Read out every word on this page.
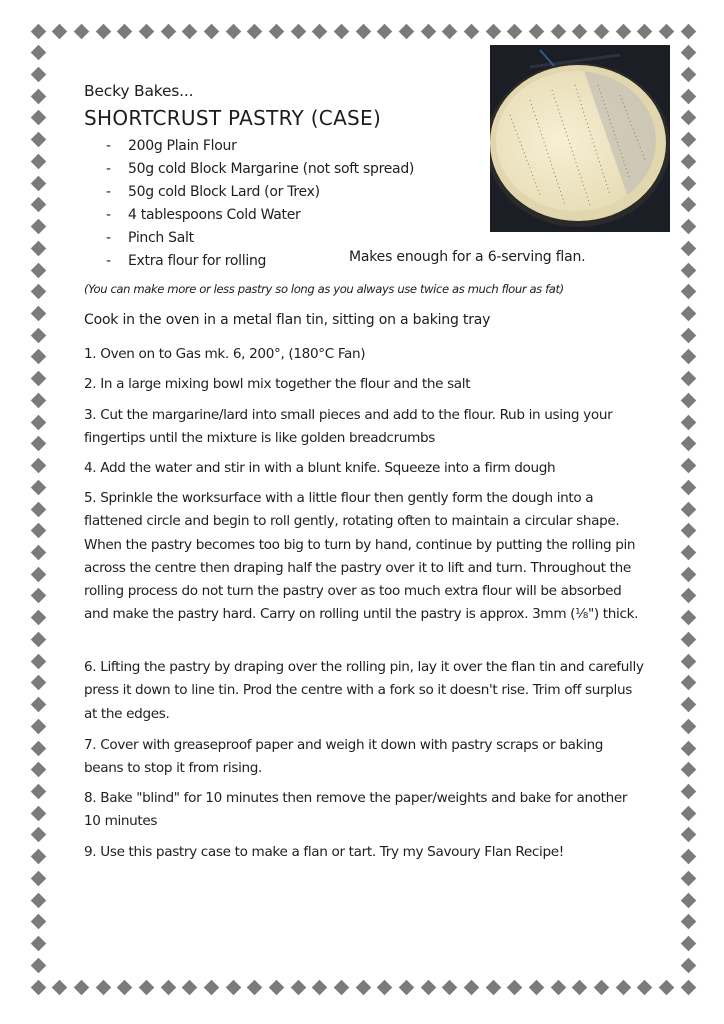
Becky Bakes...
SHORTCRUST PASTRY (CASE)
- 200g Plain Flour
- 50g cold Block Margarine (not soft spread)
- 50g cold Block Lard (or Trex)
- 4 tablespoons Cold Water
- Pinch Salt
- Extra flour for rolling	Makes enough for a 6-serving flan.
(You can make more or less pastry so long as you always use twice as much flour as fat)
Cook in the oven in a metal flan tin, sitting on a baking tray
1. Oven on to Gas mk. 6, 200°, (180°C Fan)
2. In a large mixing bowl mix together the flour and the salt
3. Cut the margarine/lard into small pieces and add to the flour. Rub in using your fingertips until the mixture is like golden breadcrumbs
4. Add the water and stir in with a blunt knife. Squeeze into a firm dough
5. Sprinkle the worksurface with a little flour then gently form the dough into a flattened circle and begin to roll gently, rotating often to maintain a circular shape. When the pastry becomes too big to turn by hand, continue by putting the rolling pin across the centre then draping half the pastry over it to lift and turn. Throughout the rolling process do not turn the pastry over as too much extra flour will be absorbed and make the pastry hard. Carry on rolling until the pastry is approx. 3mm (⅛") thick.
6. Lifting the pastry by draping over the rolling pin, lay it over the flan tin and carefully press it down to line tin. Prod the centre with a fork so it doesn't rise. Trim off surplus at the edges.
7. Cover with greaseproof paper and weigh it down with pastry scraps or baking beans to stop it from rising.
8. Bake "blind" for 10 minutes then remove the paper/weights and bake for another 10 minutes
9. Use this pastry case to make a flan or tart. Try my Savoury Flan Recipe!
